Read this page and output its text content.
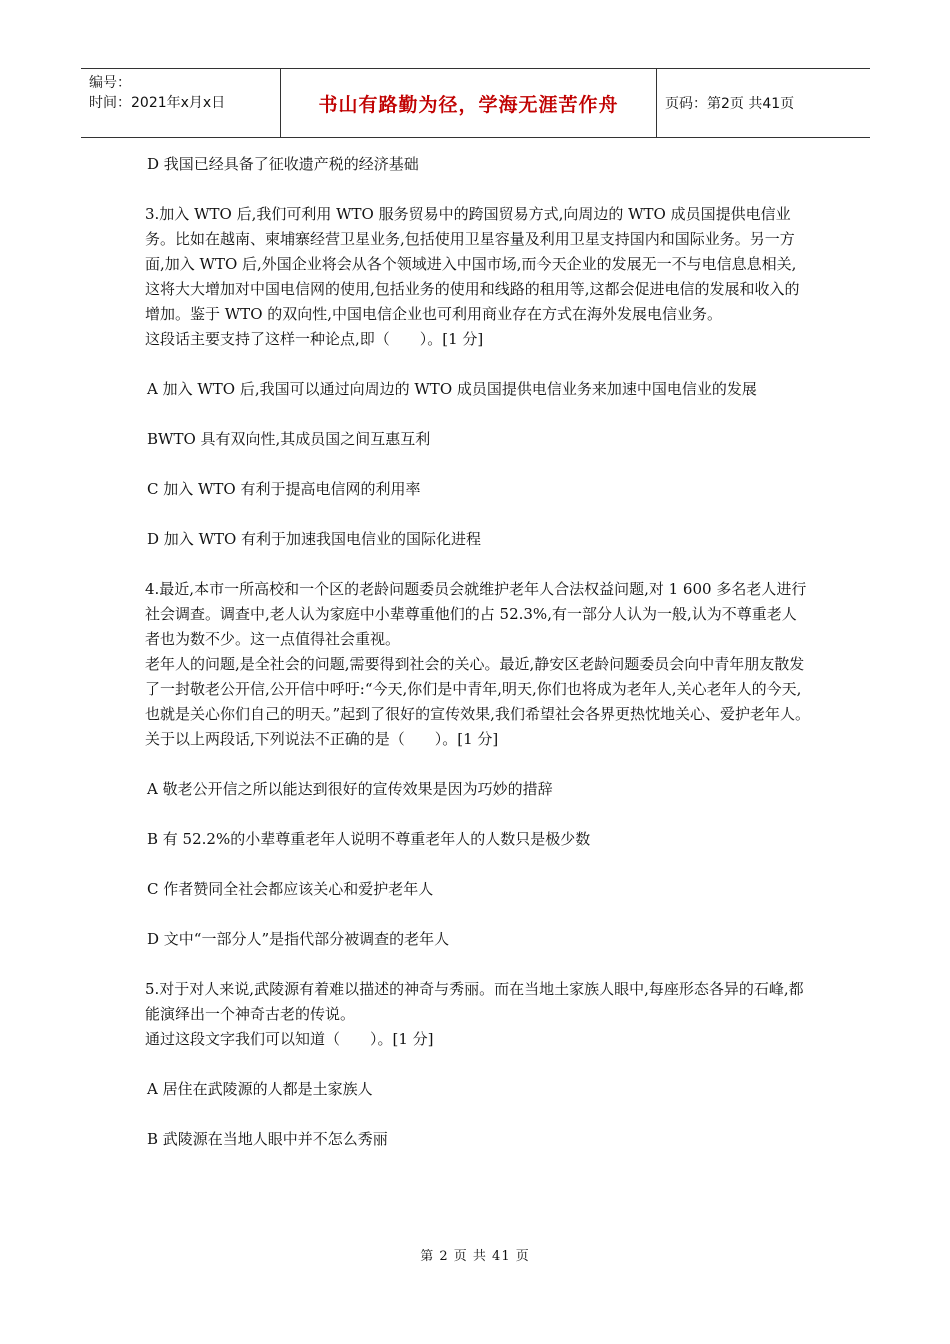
编号：
时间：2021年x月x日	书山有路勤为径，学海无涯苦作舟	页码：第2页 共41页

D 我国已经具备了征收遗产税的经济基础

3.加入 WTO 后,我们可利用 WTO 服务贸易中的跨国贸易方式,向周边的 WTO 成员国提供电信业务。比如在越南、柬埔寨经营卫星业务,包括使用卫星容量及利用卫星支持国内和国际业务。另一方面,加入 WTO 后,外国企业将会从各个领域进入中国市场,而今天企业的发展无一不与电信息息相关,这将大大增加对中国电信网的使用,包括业务的使用和线路的租用等,这都会促进电信的发展和收入的增加。鉴于 WTO 的双向性,中国电信企业也可利用商业存在方式在海外发展电信业务。

这段话主要支持了这样一种论点,即（　　）。[1 分]

A 加入 WTO 后,我国可以通过向周边的 WTO 成员国提供电信业务来加速中国电信业的发展

BWTO 具有双向性,其成员国之间互惠互利

C 加入 WTO 有利于提高电信网的利用率

D 加入 WTO 有利于加速我国电信业的国际化进程

4.最近,本市一所高校和一个区的老龄问题委员会就维护老年人合法权益问题,对 1 600 多名老人进行社会调查。调查中,老人认为家庭中小辈尊重他们的占 52.3%,有一部分人认为一般,认为不尊重老人者也为数不少。这一点值得社会重视。

老年人的问题,是全社会的问题,需要得到社会的关心。最近,静安区老龄问题委员会向中青年朋友散发了一封敬老公开信,公开信中呼吁:“今天,你们是中青年,明天,你们也将成为老年人,关心老年人的今天,也就是关心你们自己的明天。”起到了很好的宣传效果,我们希望社会各界更热忱地关心、爱护老年人。

关于以上两段话,下列说法不正确的是（　　）。[1 分]

A 敬老公开信之所以能达到很好的宣传效果是因为巧妙的措辞

B 有 52.2%的小辈尊重老年人说明不尊重老年人的人数只是极少数

C 作者赞同全社会都应该关心和爱护老年人

D 文中“一部分人”是指代部分被调查的老年人

5.对于对人来说,武陵源有着难以描述的神奇与秀丽。而在当地土家族人眼中,每座形态各异的石峰,都能演绎出一个神奇古老的传说。

通过这段文字我们可以知道（　　）。[1 分]

A 居住在武陵源的人都是土家族人

B 武陵源在当地人眼中并不怎么秀丽

第 2 页 共 41 页
